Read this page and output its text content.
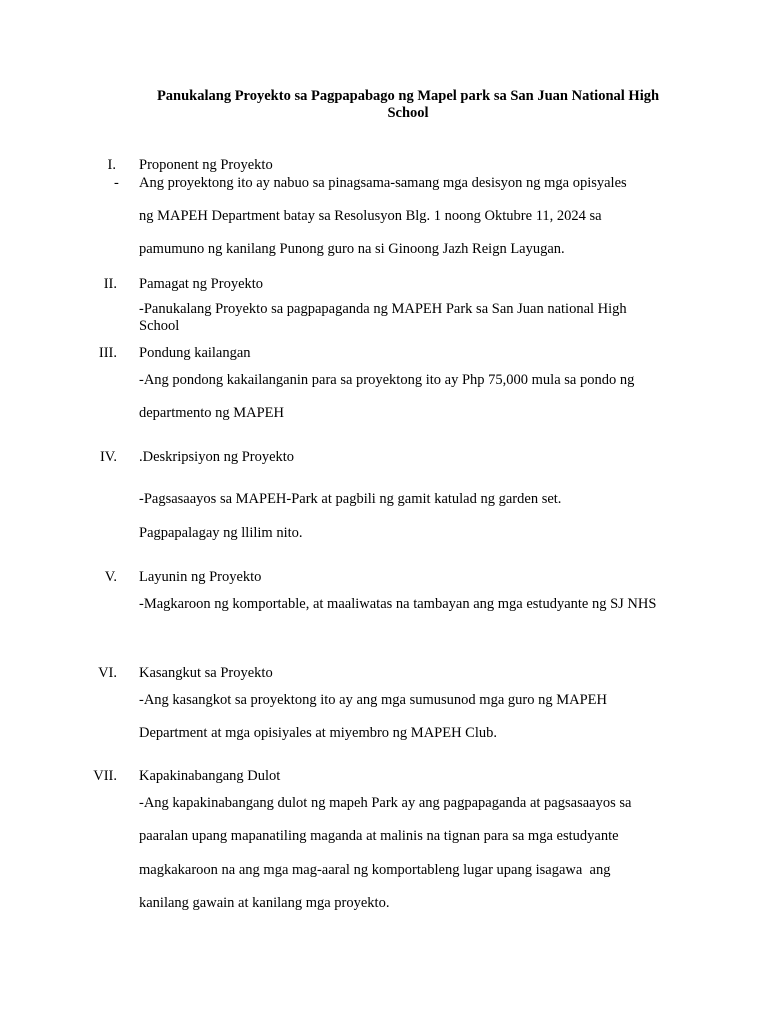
Panukalang Proyekto sa Pagpapabago ng Mapel park sa San Juan National High School
I. Proponent ng Proyekto
- Ang proyektong ito ay nabuo sa pinagsama-samang mga desisyon ng mga opisyales
ng MAPEH Department batay sa Resolusyon Blg. 1 noong Oktubre 11, 2024 sa
pamumuno ng kanilang Punong guro na si Ginoong Jazh Reign Layugan.
II. Pamagat ng Proyekto
-Panukalang Proyekto sa pagpapaganda ng MAPEH Park sa San Juan national High School
III. Pondung kailangan
-Ang pondong kakailanganin para sa proyektong ito ay Php 75,000 mula sa pondo ng
departmento ng MAPEH
IV. .Deskripsiyon ng Proyekto
-Pagsasaayos sa MAPEH-Park at pagbili ng gamit katulad ng garden set.
Pagpapalagay ng llilim nito.
V. Layunin ng Proyekto
-Magkaroon ng komportable, at maaliwatas na tambayan ang mga estudyante ng SJ NHS
VI. Kasangkut sa Proyekto
-Ang kasangkot sa proyektong ito ay ang mga sumusunod mga guro ng MAPEH
Department at mga opisiyales at miyembro ng MAPEH Club.
VII. Kapakinabangang Dulot
-Ang kapakinabangang dulot ng mapeh Park ay ang pagpapaganda at pagsasaayos sa
paaralan upang mapanatiling maganda at malinis na tignan para sa mga estudyante
magkakaroon na ang mga mag-aaral ng komportableng lugar upang isagawa  ang
kanilang gawain at kanilang mga proyekto.
